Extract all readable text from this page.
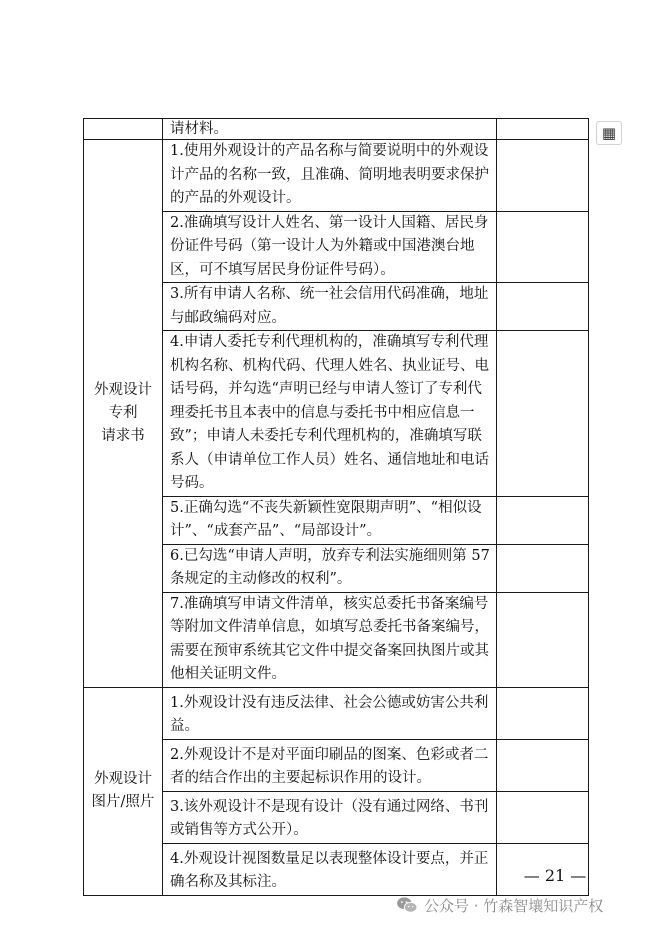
	请材料。	
外观设计
专利
请求书	1.使用外观设计的产品名称与简要说明中的外观设计产品的名称一致，且准确、简明地表明要求保护的产品的外观设计。	
	2.准确填写设计人姓名、第一设计人国籍、居民身份证件号码（第一设计人为外籍或中国港澳台地区，可不填写居民身份证件号码）。	
	3.所有申请人名称、统一社会信用代码准确，地址与邮政编码对应。	
	4.申请人委托专利代理机构的，准确填写专利代理机构名称、机构代码、代理人姓名、执业证号、电话号码，并勾选“声明已经与申请人签订了专利代理委托书且本表中的信息与委托书中相应信息一致”；申请人未委托专利代理机构的，准确填写联系人（申请单位工作人员）姓名、通信地址和电话号码。	
	5.正确勾选“不丧失新颖性宽限期声明”、“相似设计”、“成套产品”、“局部设计”。	
	6.已勾选“申请人声明，放弃专利法实施细则第 57 条规定的主动修改的权利”。	
	7.准确填写申请文件清单，核实总委托书备案编号等附加文件清单信息，如填写总委托书备案编号，需要在预审系统其它文件中提交备案回执图片或其他相关证明文件。	
外观设计
图片/照片	1.外观设计没有违反法律、社会公德或妨害公共利益。	
	2.外观设计不是对平面印刷品的图案、色彩或者二者的结合作出的主要起标识作用的设计。	
	3.该外观设计不是现有设计（没有通过网络、书刊或销售等方式公开）。	
	4.外观设计视图数量足以表现整体设计要点，并正确名称及其标注。	
▦
— 21 —
公众号 · 竹森智壤知识产权
